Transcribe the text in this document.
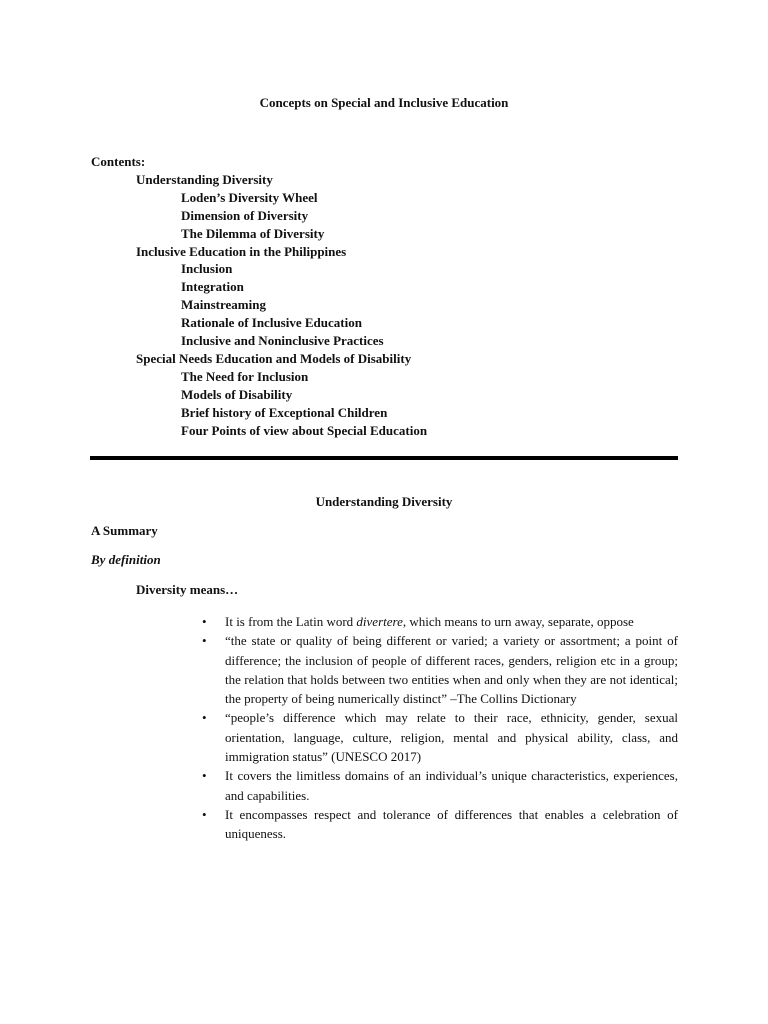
Concepts on Special and Inclusive Education
Contents:
Understanding Diversity
Loden’s Diversity Wheel
Dimension of Diversity
The Dilemma of Diversity
Inclusive Education in the Philippines
Inclusion
Integration
Mainstreaming
Rationale of Inclusive Education
Inclusive and Noninclusive Practices
Special Needs Education and Models of Disability
The Need for Inclusion
Models of Disability
Brief history of Exceptional Children
Four Points of view about Special Education
Understanding Diversity
A Summary
By definition
Diversity means…
• It is from the Latin word divertere, which means to urn away, separate, oppose
• “the state or quality of being different or varied; a variety or assortment; a point of difference; the inclusion of people of different races, genders, religion etc in a group; the relation that holds between two entities when and only when they are not identical; the property of being numerically distinct” –The Collins Dictionary
• “people’s difference which may relate to their race, ethnicity, gender, sexual orientation, language, culture, religion, mental and physical ability, class, and immigration status” (UNESCO 2017)
• It covers the limitless domains of an individual’s unique characteristics, experiences, and capabilities.
• It encompasses respect and tolerance of differences that enables a celebration of uniqueness.
